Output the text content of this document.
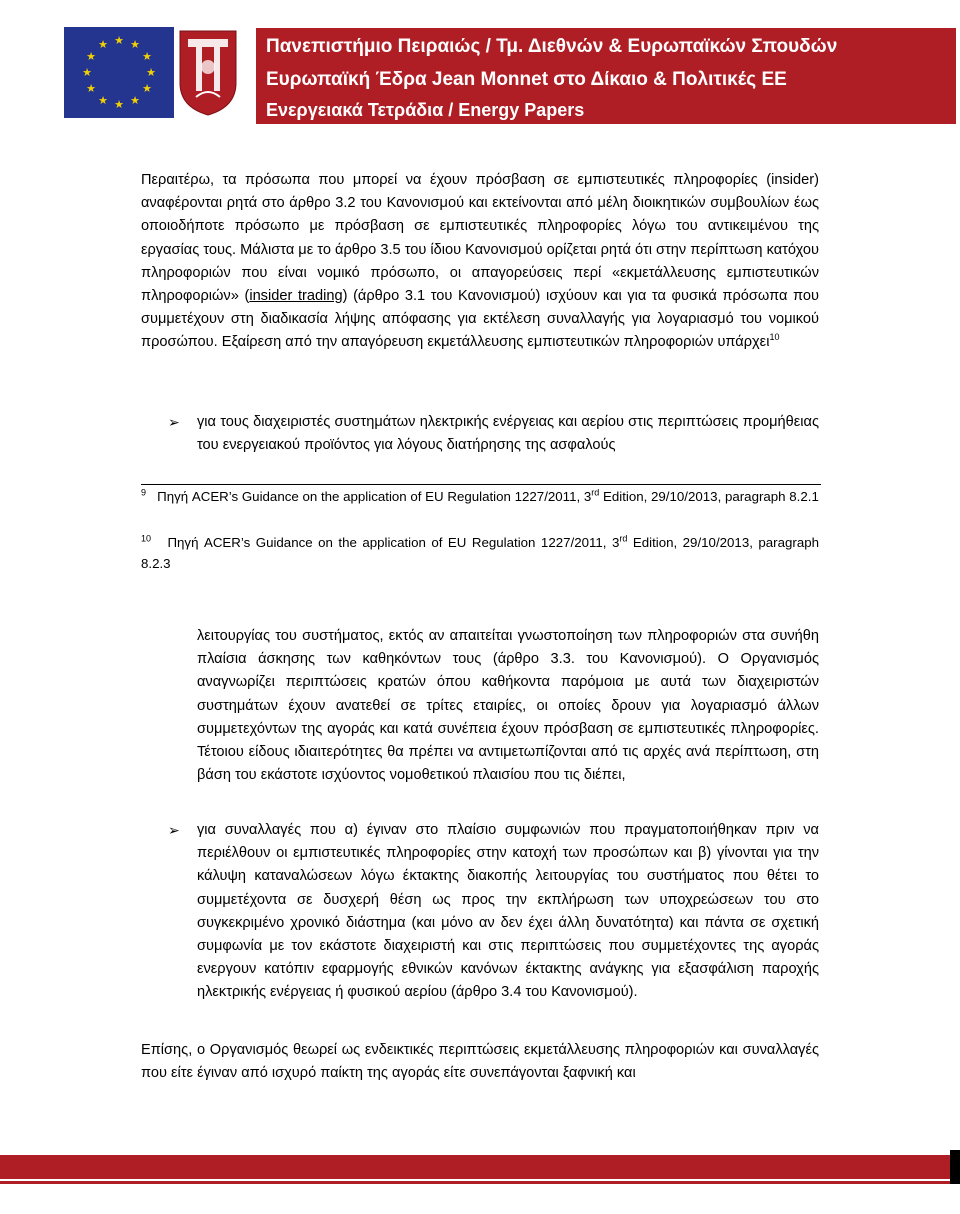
★ ★
★
★
★
★
★
★
★
★
★
★	Πανεπιστήμιο Πειραιώς / Τμ. Διεθνών & Ευρωπαϊκών Σπουδών
Ευρωπαϊκή Έδρα Jean Monnet στο Δίκαιο & Πολιτικές ΕΕ
Ενεργειακά Τετράδια / Energy Papers
Περαιτέρω, τα πρόσωπα που μπορεί να έχουν πρόσβαση σε εμπιστευτικές πληροφορίες (insider) αναφέρονται ρητά στο άρθρο 3.2 του Κανονισμού και εκτείνονται από μέλη διοικητικών συμβουλίων έως οποιοδήποτε πρόσωπο με πρόσβαση σε εμπιστευτικές πληροφορίες λόγω του αντικειμένου της εργασίας τους. Μάλιστα με το άρθρο 3.5 του ίδιου Κανονισμού ορίζεται ρητά ότι στην περίπτωση κατόχου πληροφοριών που είναι νομικό πρόσωπο, οι απαγορεύσεις περί «εκμετάλλευσης εμπιστευτικών πληροφοριών» (insider trading) (άρθρο 3.1 του Κανονισμού) ισχύουν και για τα φυσικά πρόσωπα που συμμετέχουν στη διαδικασία λήψης απόφασης για εκτέλεση συναλλαγής για λογαριασμό του νομικού προσώπου. Εξαίρεση από την απαγόρευση εκμετάλλευσης εμπιστευτικών πληροφοριών υπάρχει$^{10}$
➢	για τους διαχειριστές συστημάτων ηλεκτρικής ενέργειας και αερίου στις περιπτώσεις προμήθειας του ενεργειακού προϊόντος για λόγους διατήρησης της ασφαλούς
$^9$ Πηγή ACER’s Guidance on the application of EU Regulation 1227/2011, 3rd Edition, 29/10/2013, paragraph 8.2.1
$^{10}$ Πηγή ACER’s Guidance on the application of EU Regulation 1227/2011, 3rd Edition, 29/10/2013, paragraph 8.2.3
λειτουργίας του συστήματος, εκτός αν απαιτείται γνωστοποίηση των πληροφοριών στα συνήθη πλαίσια άσκησης των καθηκόντων τους (άρθρο 3.3. του Κανονισμού). Ο Οργανισμός αναγνωρίζει περιπτώσεις κρατών όπου καθήκοντα παρόμοια με αυτά των διαχειριστών συστημάτων έχουν ανατεθεί σε τρίτες εταιρίες, οι οποίες δρουν για λογαριασμό άλλων συμμετεχόντων της αγοράς και κατά συνέπεια έχουν πρόσβαση σε εμπιστευτικές πληροφορίες. Τέτοιου είδους ιδιαιτερότητες θα πρέπει να αντιμετωπίζονται από τις αρχές ανά περίπτωση, στη βάση του εκάστοτε ισχύοντος νομοθετικού πλαισίου που τις διέπει,
➢	για συναλλαγές που α) έγιναν στο πλαίσιο συμφωνιών που πραγματοποιήθηκαν πριν να περιέλθουν οι εμπιστευτικές πληροφορίες στην κατοχή των προσώπων και β) γίνονται για την κάλυψη καταναλώσεων λόγω έκτακτης διακοπής λειτουργίας του συστήματος που θέτει το συμμετέχοντα σε δυσχερή θέση ως προς την εκπλήρωση των υποχρεώσεων του στο συγκεκριμένο χρονικό διάστημα (και μόνο αν δεν έχει άλλη δυνατότητα) και πάντα σε σχετική συμφωνία με τον εκάστοτε διαχειριστή και στις περιπτώσεις που συμμετέχοντες της αγοράς ενεργουν κατόπιν εφαρμογής εθνικών κανόνων έκτακτης ανάγκης για εξασφάλιση παροχής ηλεκτρικής ενέργειας ή φυσικού αερίου (άρθρο 3.4 του Κανονισμού).
Επίσης, ο Οργανισμός θεωρεί ως ενδεικτικές περιπτώσεις εκμετάλλευσης πληροφοριών και συναλλαγές που είτε έγιναν από ισχυρό παίκτη της αγοράς είτε συνεπάγονται ξαφνική και
